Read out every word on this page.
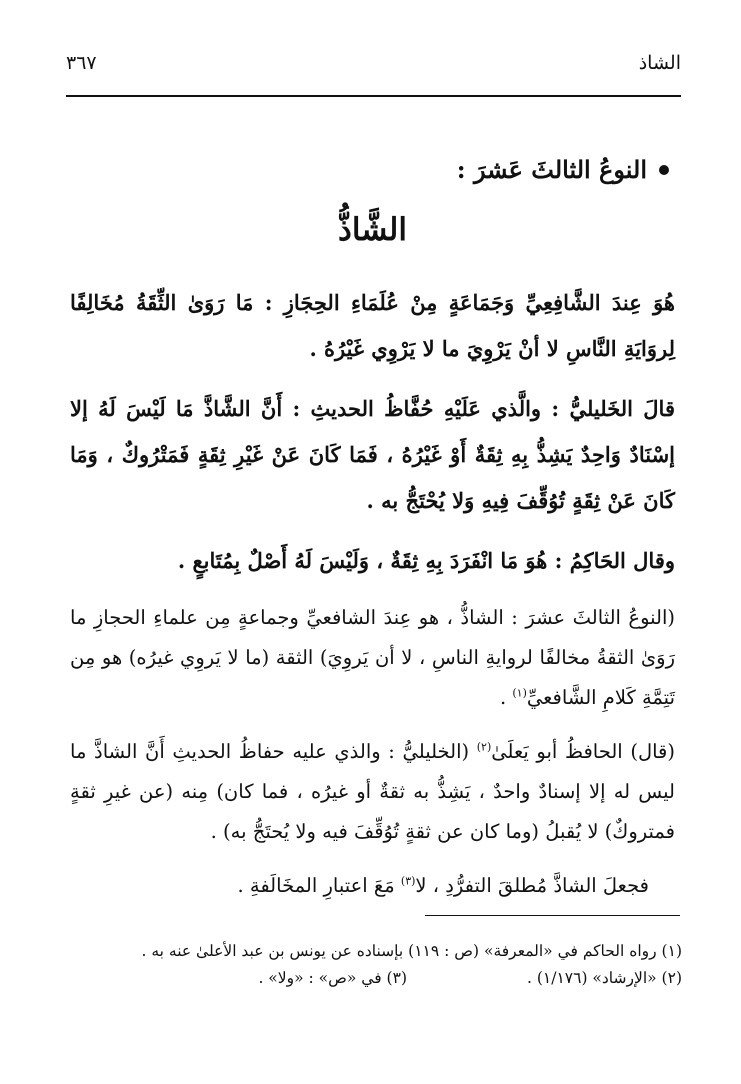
الشاذ
٣٦٧
النوعُ الثالثَ عَشرَ :
الشَّاذُّ

هُوَ عِندَ الشَّافِعِيِّ وَجَمَاعَةٍ مِنْ عُلَمَاءِ الحِجَازِ : مَا رَوَىٰ الثِّقَةُ مُخَالِفًا لِروَايَةِ النَّاسِ لا أنْ يَرْوِيَ ما لا يَرْوِي غَيْرُهُ .

قالَ الخَليليُّ : والَّذي عَلَيْهِ حُفَّاظُ الحديثِ : أَنَّ الشَّاذَّ مَا لَيْسَ لَهُ إلا إسْنَادٌ وَاحِدٌ يَشِذُّ بِهِ ثِقَةٌ أَوْ غَيْرُهُ ، فَمَا كَانَ عَنْ غَيْرِ ثِقَةٍ فَمَتْرُوكٌ ، وَمَا كَانَ عَنْ ثِقَةٍ تُوُقِّفَ فِيهِ وَلا يُحْتَجُّ به .

وقال الحَاكِمُ : هُوَ مَا انْفَرَدَ بِهِ ثِقَةٌ ، وَلَيْسَ لَهُ أَصْلٌ بِمُتَابعٍ .

(النوعُ الثالثَ عشرَ : الشاذُّ ، هو عِندَ الشافعيِّ وجماعةٍ مِن علماءِ الحجازِ ما رَوَىٰ الثقةُ مخالفًا لروايةِ الناسِ ، لا أن يَروِيَ) الثقة (ما لا يَروِي غيرُه) هو مِن تَتِمَّةِ كَلامِ الشَّافعيِّ$^{(١)}$ .

(قال) الحافظُ أبو يَعلَىٰ$^{(٢)}$ (الخليليُّ : والذي عليه حفاظُ الحديثِ أَنَّ الشاذَّ ما ليس له إلا إسنادٌ واحدٌ ، يَشِذُّ به ثقةٌ أو غيرُه ، فما كان) مِنه (عن غيرِ ثقةٍ فمتروكٌ) لا يُقبلُ (وما كان عن ثقةٍ تُوُقِّفَ فيه ولا يُحتَجُّ به) .

فجعلَ الشاذَّ مُطلقَ التفرُّدِ ، لا$^{(٣)}$ مَعَ اعتبارِ المخَالَفةِ .

(١) رواه الحاكم في «المعرفة» (ص : ١١٩) بإسناده عن يونس بن عبد الأعلىٰ عنه به .
(٢) «الإرشاد» (١/١٧٦) .
(٣) في «ص» : «ولا» .
